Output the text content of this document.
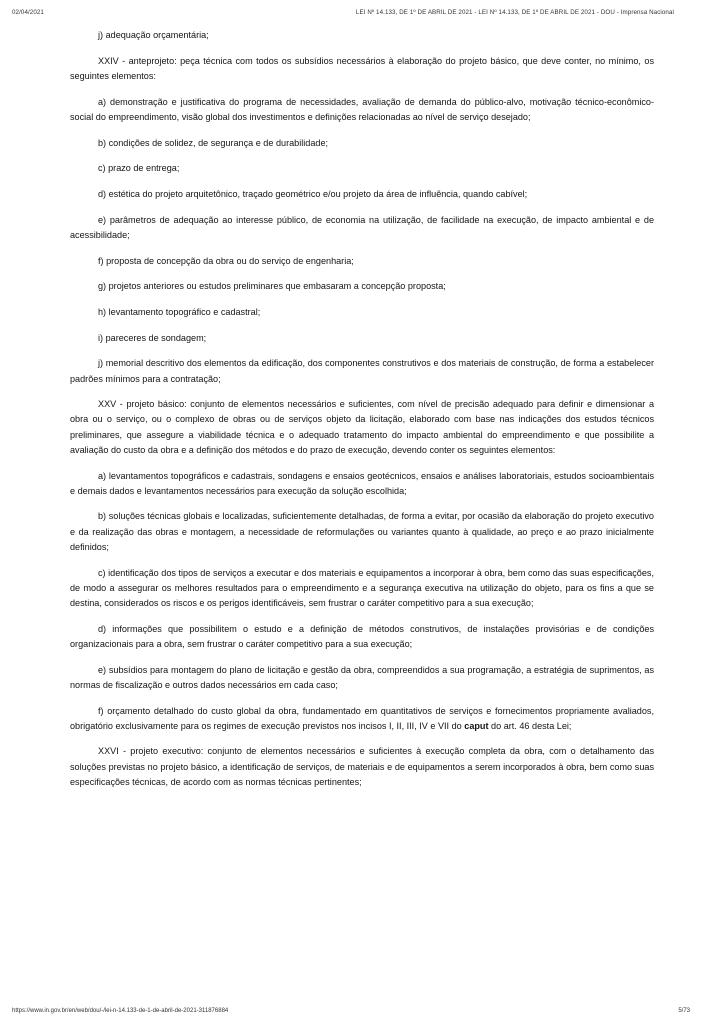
02/04/2021	LEI Nº 14.133, DE 1º DE ABRIL DE 2021 - LEI Nº 14.133, DE 1º DE ABRIL DE 2021 - DOU - Imprensa Nacional

j) adequação orçamentária;

XXIV - anteprojeto: peça técnica com todos os subsídios necessários à elaboração do projeto básico, que deve conter, no mínimo, os seguintes elementos:

a) demonstração e justificativa do programa de necessidades, avaliação de demanda do público-alvo, motivação técnico-econômico-social do empreendimento, visão global dos investimentos e definições relacionadas ao nível de serviço desejado;

b) condições de solidez, de segurança e de durabilidade;

c) prazo de entrega;

d) estética do projeto arquitetônico, traçado geométrico e/ou projeto da área de influência, quando cabível;

e) parâmetros de adequação ao interesse público, de economia na utilização, de facilidade na execução, de impacto ambiental e de acessibilidade;

f) proposta de concepção da obra ou do serviço de engenharia;

g) projetos anteriores ou estudos preliminares que embasaram a concepção proposta;

h) levantamento topográfico e cadastral;

i) pareceres de sondagem;

j) memorial descritivo dos elementos da edificação, dos componentes construtivos e dos materiais de construção, de forma a estabelecer padrões mínimos para a contratação;

XXV - projeto básico: conjunto de elementos necessários e suficientes, com nível de precisão adequado para definir e dimensionar a obra ou o serviço, ou o complexo de obras ou de serviços objeto da licitação, elaborado com base nas indicações dos estudos técnicos preliminares, que assegure a viabilidade técnica e o adequado tratamento do impacto ambiental do empreendimento e que possibilite a avaliação do custo da obra e a definição dos métodos e do prazo de execução, devendo conter os seguintes elementos:

a) levantamentos topográficos e cadastrais, sondagens e ensaios geotécnicos, ensaios e análises laboratoriais, estudos socioambientais e demais dados e levantamentos necessários para execução da solução escolhida;

b) soluções técnicas globais e localizadas, suficientemente detalhadas, de forma a evitar, por ocasião da elaboração do projeto executivo e da realização das obras e montagem, a necessidade de reformulações ou variantes quanto à qualidade, ao preço e ao prazo inicialmente definidos;

c) identificação dos tipos de serviços a executar e dos materiais e equipamentos a incorporar à obra, bem como das suas especificações, de modo a assegurar os melhores resultados para o empreendimento e a segurança executiva na utilização do objeto, para os fins a que se destina, considerados os riscos e os perigos identificáveis, sem frustrar o caráter competitivo para a sua execução;

d) informações que possibilitem o estudo e a definição de métodos construtivos, de instalações provisórias e de condições organizacionais para a obra, sem frustrar o caráter competitivo para a sua execução;

e) subsídios para montagem do plano de licitação e gestão da obra, compreendidos a sua programação, a estratégia de suprimentos, as normas de fiscalização e outros dados necessários em cada caso;

f) orçamento detalhado do custo global da obra, fundamentado em quantitativos de serviços e fornecimentos propriamente avaliados, obrigatório exclusivamente para os regimes de execução previstos nos incisos I, II, III, IV e VII do caput do art. 46 desta Lei;

XXVI - projeto executivo: conjunto de elementos necessários e suficientes à execução completa da obra, com o detalhamento das soluções previstas no projeto básico, a identificação de serviços, de materiais e de equipamentos a serem incorporados à obra, bem como suas especificações técnicas, de acordo com as normas técnicas pertinentes;

https://www.in.gov.br/en/web/dou/-/lei-n-14.133-de-1-de-abril-de-2021-311876884	5/73
